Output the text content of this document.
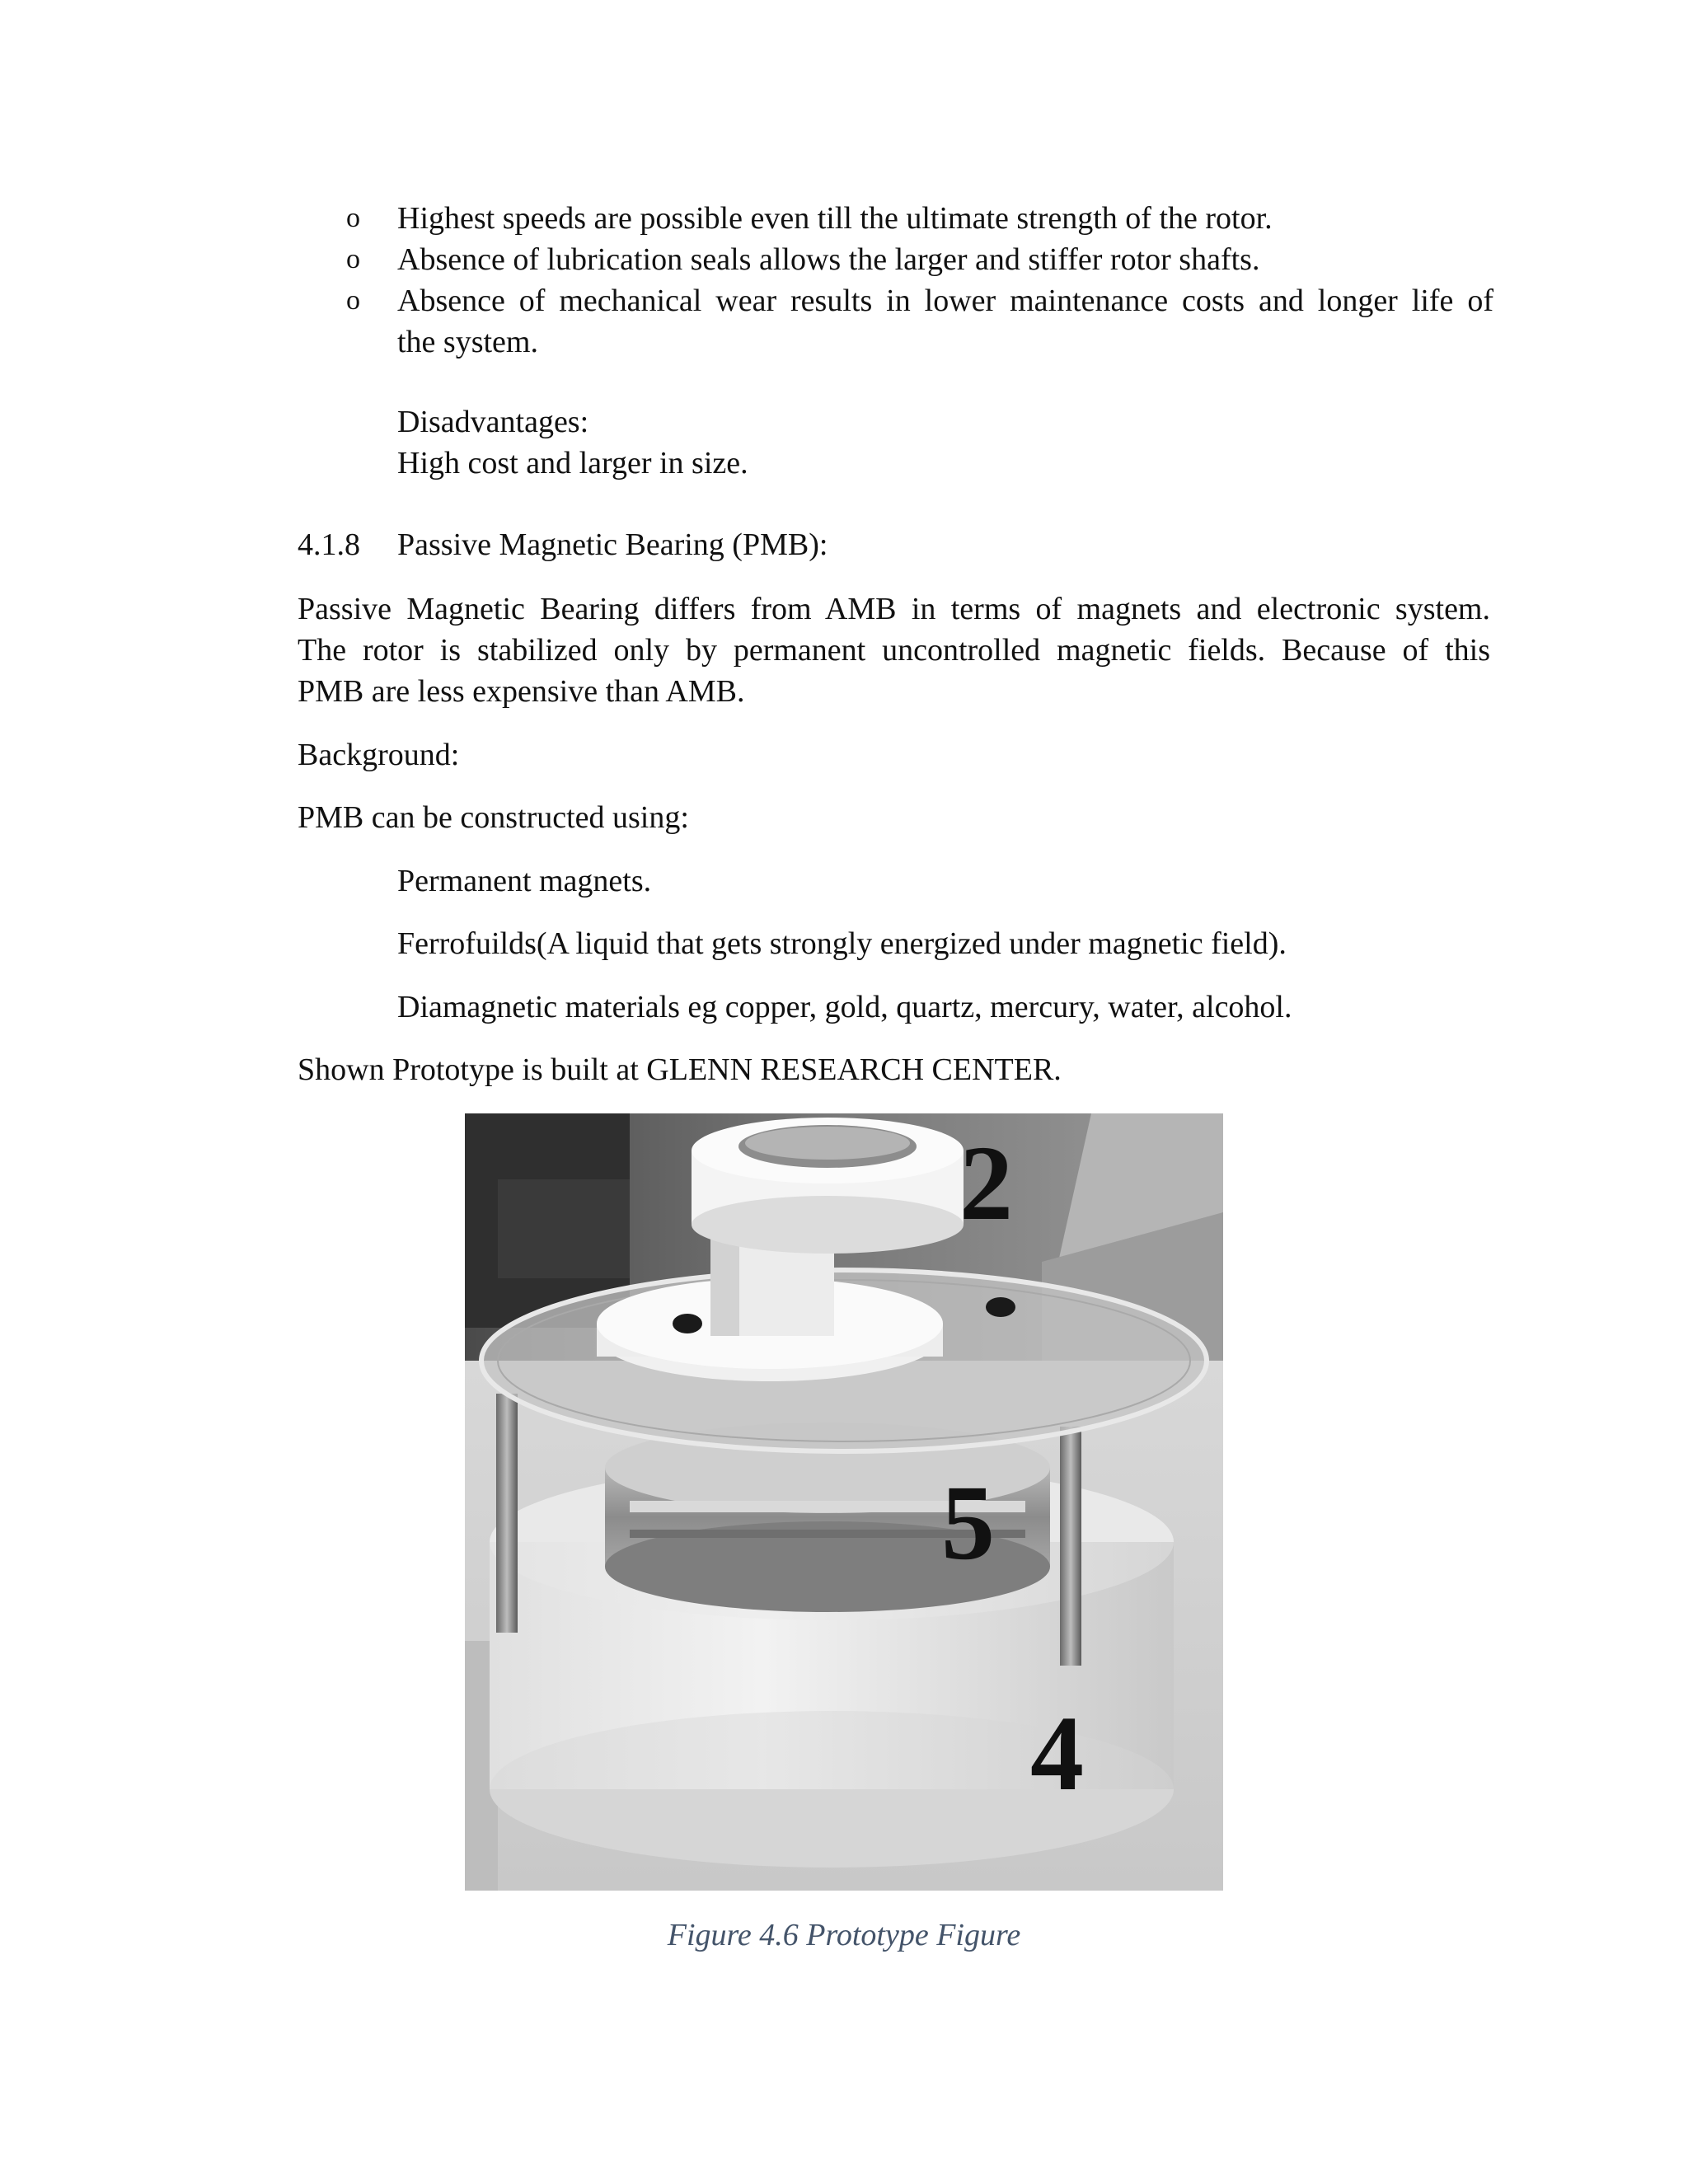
o	Highest speeds are possible even till the ultimate strength of the rotor.
o	Absence of lubrication seals allows the larger and stiffer rotor shafts.
o	Absence of mechanical wear results in lower maintenance costs and longer life of
the system.
Disadvantages:
High cost and larger in size.
4.1.8 Passive Magnetic Bearing (PMB):
Passive Magnetic Bearing differs from AMB in terms of magnets and electronic system.
The rotor is stabilized only by permanent uncontrolled magnetic fields. Because of this
PMB are less expensive than AMB.
Background:
PMB can be constructed using:
Permanent magnets.
Ferrofuilds(A liquid that gets strongly energized under magnetic field).
Diamagnetic materials eg copper, gold, quartz, mercury, water, alcohol.
Shown Prototype is built at GLENN RESEARCH CENTER.
2
5
4
Figure 4.6 Prototype Figure
